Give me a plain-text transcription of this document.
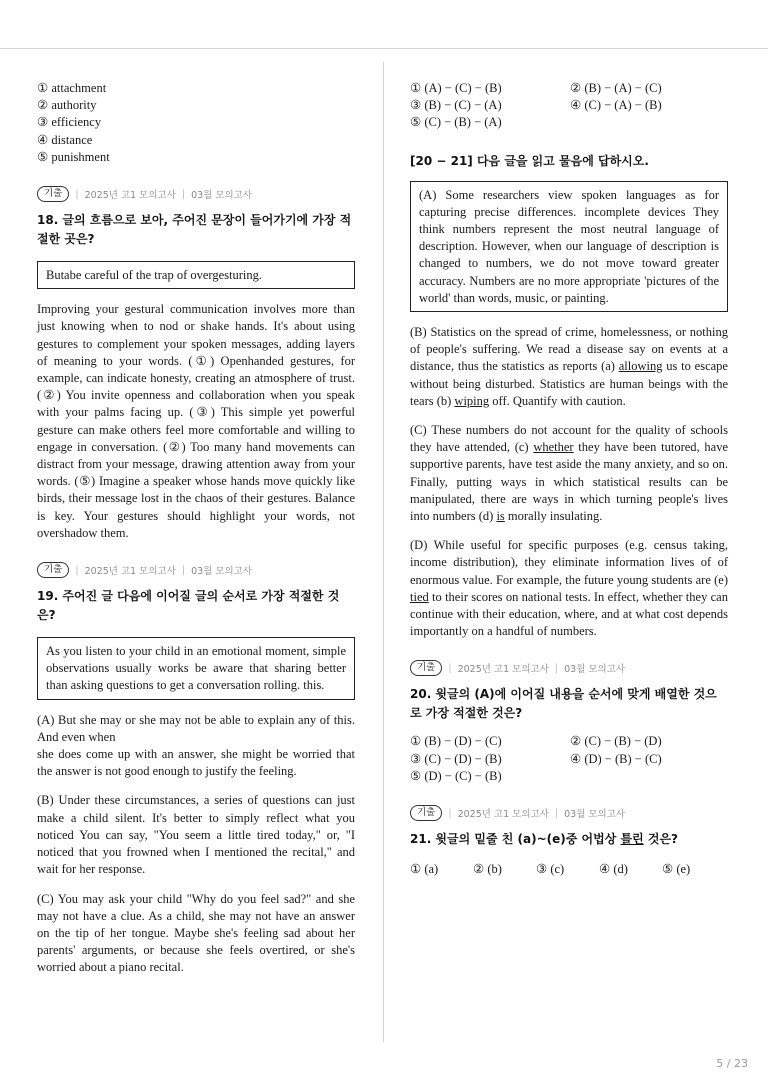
① attachment
② authority
③ efficiency
④ distance
⑤ punishment
기출	| 2025년 고1 모의고사 | 03월 모의고사
18. 글의 흐름으로 보아, 주어진 문장이 들어가기에 가장 적절한 곳은?
Butabe careful of the trap of overgesturing.
Improving your gestural communication involves more than just knowing when to nod or shake hands. It's about using gestures to complement your spoken messages, adding layers of meaning to your words. (①) Openhanded gestures, for example, can indicate honesty, creating an atmosphere of trust. (②) You invite openness and collaboration when you speak with your palms facing up. (③) This simple yet powerful gesture can make others feel more comfortable and willing to engage in conversation. (②) Too many hand movements can distract from your message, drawing attention away from your words. (⑤) Imagine a speaker whose hands move quickly like birds, their message lost in the chaos of their gestures. Balance is key. Your gestures should highlight your words, not overshadow them.
기출	| 2025년 고1 모의고사 | 03월 모의고사
19. 주어진 글 다음에 이어질 글의 순서로 가장 적절한 것은?
As you listen to your child in an emotional moment, simple observations usually works be aware that sharing better than asking questions to get a conversation rolling. this.
(A) But she may or she may not be able to explain any of this. And even when
she does come up with an answer, she might be worried that the answer is not good enough to justify the feeling.
(B) Under these circumstances, a series of questions can just make a child silent. It's better to simply reflect what you noticed You can say, "You seem a little tired today," or, "I noticed that you frowned when I mentioned the recital," and wait for her response.
(C) You may ask your child "Why do you feel sad?" and she may not have a clue. As a child, she may not have an answer on the tip of her tongue. Maybe she's feeling sad about her parents' arguments, or because she feels overtired, or she's worried about a piano recital.
① (A) − (C) − (B)	② (B) − (A) − (C)
③ (B) − (C) − (A)	④ (C) − (A) − (B)
⑤ (C) − (B) − (A)
[20 − 21] 다음 글을 읽고 물음에 답하시오.
(A) Some researchers view spoken languages as for capturing precise differences. incomplete devices They think numbers represent the most neutral language of description. However, when our language of description is changed to numbers, we do not move toward greater accuracy. Numbers are no more appropriate 'pictures of the world' than words, music, or painting.
(B) Statistics on the spread of crime, homelessness, or nothing of people's suffering. We read a disease say on events at a distance, thus the statistics as reports (a) allowing us to escape without being disturbed. Statistics are human beings with the tears (b) wiping off. Quantify with caution.
(C) These numbers do not account for the quality of schools they have attended, (c) whether they have been tutored, have supportive parents, have test aside the many anxiety, and so on. Finally, putting ways in which statistical results can be manipulated, there are ways in which turning people's lives into numbers (d) is morally insulating.
(D) While useful for specific purposes (e.g. census taking, income distribution), they eliminate information lives of of enormous value. For example, the future young students are (e) tied to their scores on national tests. In effect, whether they can continue with their education, where, and at what cost depends importantly on a handful of numbers.
기출	| 2025년 고1 모의고사 | 03월 모의고사
20. 윗글의 (A)에 이어질 내용을 순서에 맞게 배열한 것으로 가장 적절한 것은?
① (B) − (D) − (C)	② (C) − (B) − (D)
③ (C) − (D) − (B)	④ (D) − (B) − (C)
⑤ (D) − (C) − (B)
기출	| 2025년 고1 모의고사 | 03월 모의고사
21. 윗글의 밑줄 친 (a)~(e)중 어법상 틀린 것은?
① (a)	② (b)	③ (c)	④ (d)	⑤ (e)
5 / 23
